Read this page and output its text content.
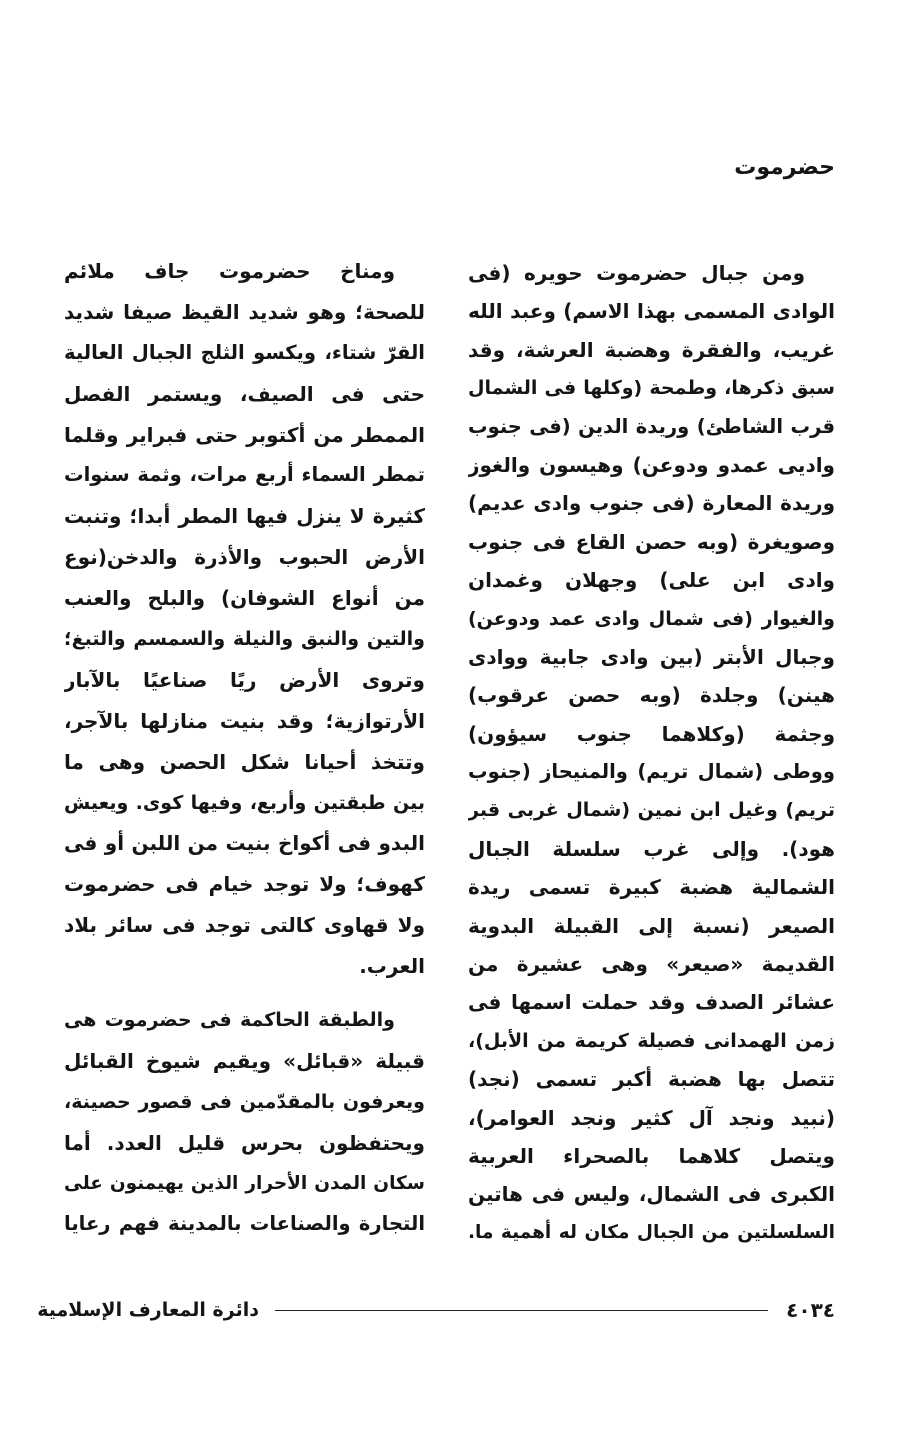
حضرموت
ومن جبال حضرموت حويره (فى
الوادى المسمى بهذا الاسم) وعبد الله
غريب، والفقرة وهضبة العرشة، وقد
سبق ذكرها، وطمحة (وكلها فى الشمال
قرب الشاطئ) وريدة الدين (فى جنوب
واديى عمدو ودوعن) وهيسون والغوز
وريدة المعارة (فى جنوب وادى عديم)
وصويغرة (وبه حصن القاع فى جنوب
وادى ابن على) وجهلان وغمدان
والغيوار (فى شمال وادى عمد ودوعن)
وجبال الأبتر (بين وادى جابية ووادى
هينن) وجلدة (وبه حصن عرقوب)
وجثمة (وكلاهما جنوب سيؤون)
ووطى (شمال تريم) والمنيحاز (جنوب
تريم) وغيل ابن نمين (شمال غربى قبر
هود). وإلى غرب سلسلة الجبال
الشمالية هضبة كبيرة تسمى ريدة
الصيعر (نسبة إلى القبيلة البدوية
القديمة «صيعر» وهى عشيرة من
عشائر الصدف وقد حملت اسمها فى
زمن الهمدانى فصيلة كريمة من الأبل)،
تتصل بها هضبة أكبر تسمى (نجد)
(نبيد ونجد آل كثير ونجد العوامر)،
ويتصل كلاهما بالصحراء العربية
الكبرى فى الشمال، وليس فى هاتين
السلسلتين من الجبال مكان له أهمية ما.
ومناخ حضرموت جاف ملائم
للصحة؛ وهو شديد القيظ صيفا شديد
القرّ شتاء، ويكسو الثلج الجبال العالية
حتى فى الصيف، ويستمر الفصل
الممطر من أكتوبر حتى فبراير وقلما
تمطر السماء أربع مرات، وثمة سنوات
كثيرة لا ينزل فيها المطر أبدا؛ وتنبت
الأرض الحبوب والأذرة والدخن(نوع
من أنواع الشوفان) والبلح والعنب
والتين والنبق والنيلة والسمسم والتبغ؛
وتروى الأرض ريًا صناعيًا بالآبار
الأرتوازية؛ وقد بنيت منازلها بالآجر،
وتتخذ أحيانا شكل الحصن وهى ما
بين طبقتين وأربع، وفيها كوى. ويعيش
البدو فى أكواخ بنيت من اللبن أو فى
كهوف؛ ولا توجد خيام فى حضرموت
ولا قهاوى كالتى توجد فى سائر بلاد
العرب.
والطبقة الحاكمة فى حضرموت هى
قبيلة «قبائل» ويقيم شيوخ القبائل
ويعرفون بالمقدّمين فى قصور حصينة،
ويحتفظون بحرس قليل العدد. أما
سكان المدن الأحرار الذين يهيمنون على
التجارة والصناعات بالمدينة فهم رعايا
٤٠٣٤
دائرة المعارف الإسلامية
